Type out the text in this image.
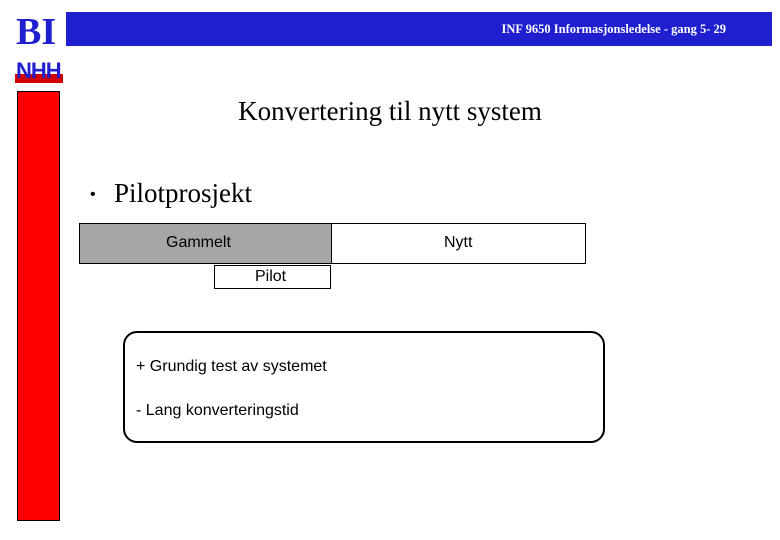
BI
NHH
INF 9650 Informasjonsledelse - gang 5- 29
Konvertering til nytt system
• Pilotprosjekt
Gammelt	Nytt
Pilot
+ Grundig test av systemet
- Lang konverteringstid
